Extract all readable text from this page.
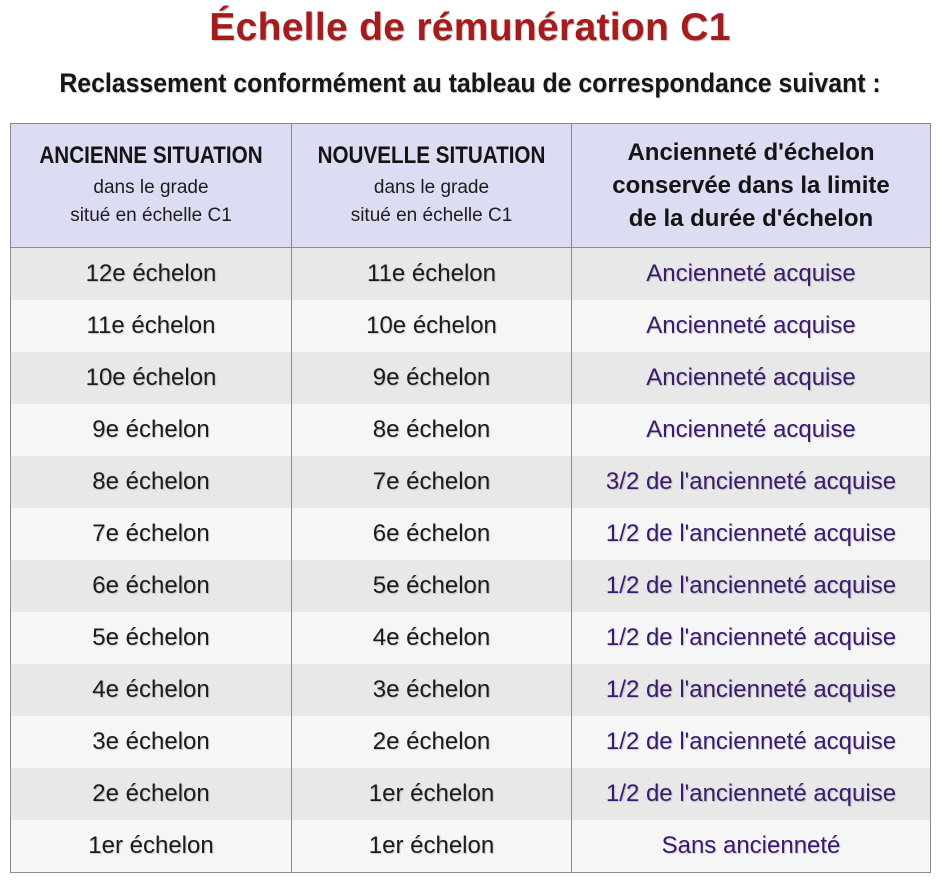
Échelle de rémunération C1
Reclassement conformément au tableau de correspondance suivant :
ANCIENNE SITUATION
dans le grade
situé en échelle C1	NOUVELLE SITUATION
dans le grade
situé en échelle C1	Ancienneté d'échelon
conservée dans la limite
de la durée d'échelon

12e échelon	11e échelon	Ancienneté acquise
11e échelon	10e échelon	Ancienneté acquise
10e échelon	9e échelon	Ancienneté acquise
9e échelon	8e échelon	Ancienneté acquise
8e échelon	7e échelon	3/2 de l'ancienneté acquise
7e échelon	6e échelon	1/2 de l'ancienneté acquise
6e échelon	5e échelon	1/2 de l'ancienneté acquise
5e échelon	4e échelon	1/2 de l'ancienneté acquise
4e échelon	3e échelon	1/2 de l'ancienneté acquise
3e échelon	2e échelon	1/2 de l'ancienneté acquise
2e échelon	1er échelon	1/2 de l'ancienneté acquise
1er échelon	1er échelon	Sans ancienneté
